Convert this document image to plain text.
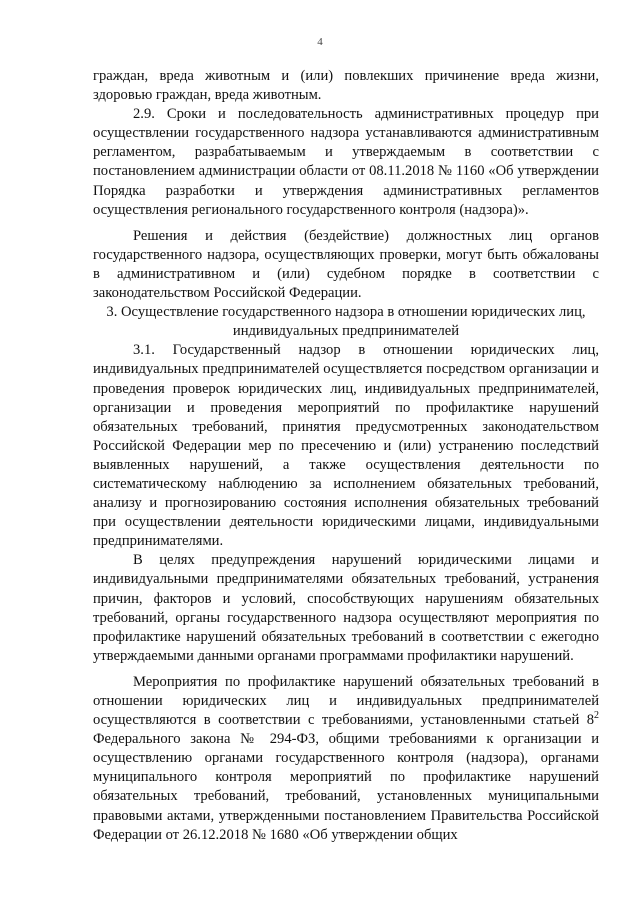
4

граждан, вреда животным и (или) повлекших причинение вреда жизни, здоровью граждан, вреда животным.

2.9. Сроки и последовательность административных процедур при осуществлении государственного надзора устанавливаются административным регламентом, разрабатываемым и утверждаемым в соответствии с постановлением администрации области от 08.11.2018 № 1160 «Об утверждении Порядка разработки и утверждения административных регламентов осуществления регионального государственного контроля (надзора)».

Решения и действия (бездействие) должностных лиц органов государственного надзора, осуществляющих проверки, могут быть обжалованы в административном и (или) судебном порядке в соответствии с законодательством Российской Федерации.

3. Осуществление государственного надзора в отношении юридических лиц, индивидуальных предпринимателей

3.1. Государственный надзор в отношении юридических лиц, индивидуальных предпринимателей осуществляется посредством организации и проведения проверок юридических лиц, индивидуальных предпринимателей, организации и проведения мероприятий по профилактике нарушений обязательных требований, принятия предусмотренных законодательством Российской Федерации мер по пресечению и (или) устранению последствий выявленных нарушений, а также осуществления деятельности по систематическому наблюдению за исполнением обязательных требований, анализу и прогнозированию состояния исполнения обязательных требований при осуществлении деятельности юридическими лицами, индивидуальными предпринимателями.

В целях предупреждения нарушений юридическими лицами и индивидуальными предпринимателями обязательных требований, устранения причин, факторов и условий, способствующих нарушениям обязательных требований, органы государственного надзора осуществляют мероприятия по профилактике нарушений обязательных требований в соответствии с ежегодно утверждаемыми данными органами программами профилактики нарушений.

Мероприятия по профилактике нарушений обязательных требований в отношении юридических лиц и индивидуальных предпринимателей осуществляются в соответствии с требованиями, установленными статьей $8^2$ Федерального закона № 294-ФЗ, общими требованиями к организации и осуществлению органами государственного контроля (надзора), органами муниципального контроля мероприятий по профилактике нарушений обязательных требований, требований, установленных муниципальными правовыми актами, утвержденными постановлением Правительства Российской Федерации от 26.12.2018 № 1680 «Об утверждении общих
